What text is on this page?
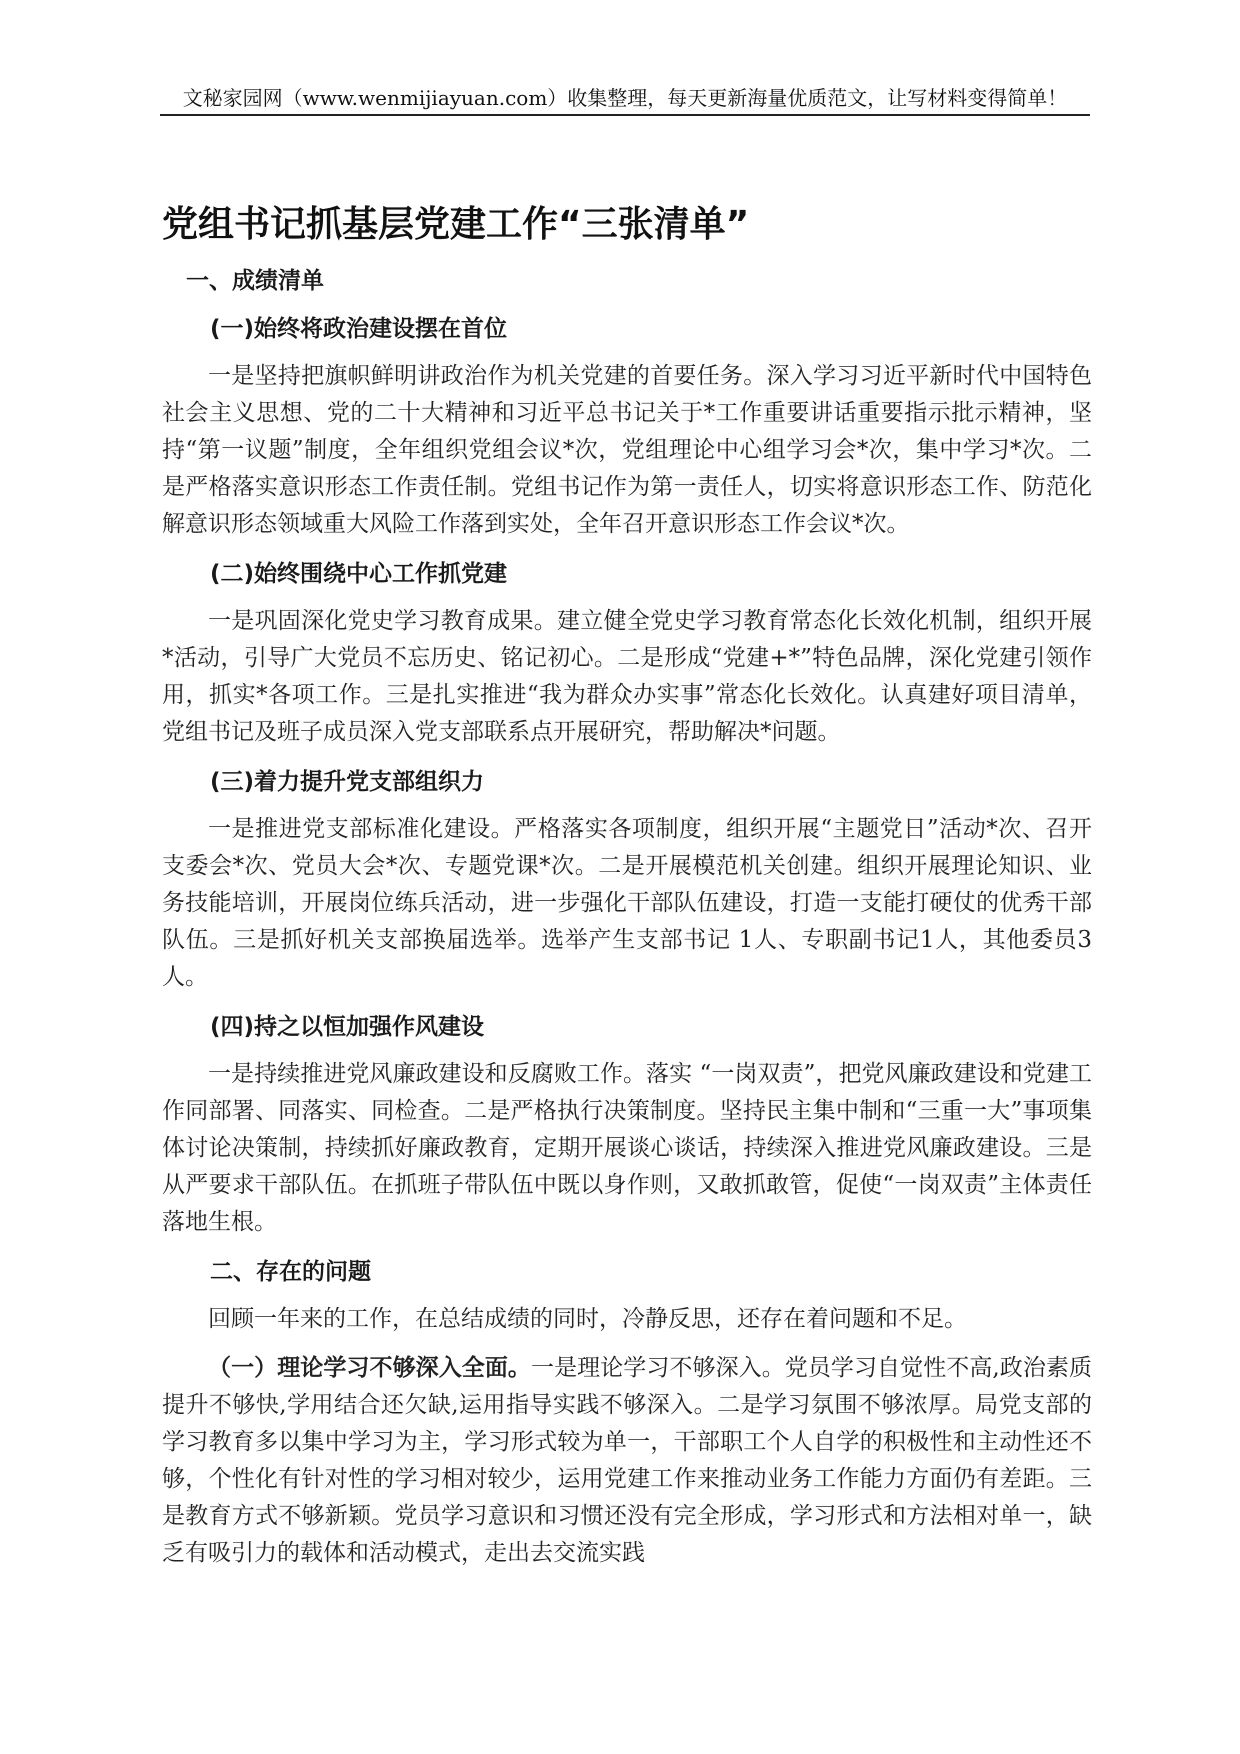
文秘家园网（www.wenmijiayuan.com）收集整理，每天更新海量优质范文，让写材料变得简单！
党组书记抓基层党建工作“三张清单”
一、成绩清单
(一)始终将政治建设摆在首位

一是坚持把旗帜鲜明讲政治作为机关党建的首要任务。深入学习习近平新时代中国特色社会主义思想、党的二十大精神和习近平总书记关于*工作重要讲话重要指示批示精神，坚持“第一议题”制度，全年组织党组会议*次，党组理论中心组学习会*次，集中学习*次。二是严格落实意识形态工作责任制。党组书记作为第一责任人，切实将意识形态工作、防范化解意识形态领域重大风险工作落到实处，全年召开意识形态工作会议*次。

(二)始终围绕中心工作抓党建

一是巩固深化党史学习教育成果。建立健全党史学习教育常态化长效化机制，组织开展*活动，引导广大党员不忘历史、铭记初心。二是形成“党建+*”特色品牌，深化党建引领作用，抓实*各项工作。三是扎实推进“我为群众办实事”常态化长效化。认真建好项目清单，党组书记及班子成员深入党支部联系点开展研究，帮助解决*问题。

(三)着力提升党支部组织力

一是推进党支部标准化建设。严格落实各项制度，组织开展“主题党日”活动*次、召开支委会*次、党员大会*次、专题党课*次。二是开展模范机关创建。组织开展理论知识、业务技能培训，开展岗位练兵活动，进一步强化干部队伍建设，打造一支能打硬仗的优秀干部队伍。三是抓好机关支部换届选举。选举产生支部书记 1人、专职副书记1人，其他委员3人。

(四)持之以恒加强作风建设

一是持续推进党风廉政建设和反腐败工作。落实 “一岗双责”，把党风廉政建设和党建工作同部署、同落实、同检查。二是严格执行决策制度。坚持民主集中制和“三重一大”事项集体讨论决策制，持续抓好廉政教育，定期开展谈心谈话，持续深入推进党风廉政建设。三是从严要求干部队伍。在抓班子带队伍中既以身作则，又敢抓敢管，促使“一岗双责”主体责任落地生根。

二、存在的问题

回顾一年来的工作，在总结成绩的同时，冷静反思，还存在着问题和不足。

（一）理论学习不够深入全面。一是理论学习不够深入。党员学习自觉性不高,政治素质提升不够快,学用结合还欠缺,运用指导实践不够深入。二是学习氛围不够浓厚。局党支部的学习教育多以集中学习为主，学习形式较为单一，干部职工个人自学的积极性和主动性还不够，个性化有针对性的学习相对较少，运用党建工作来推动业务工作能力方面仍有差距。三是教育方式不够新颖。党员学习意识和习惯还没有完全形成，学习形式和方法相对单一，缺乏有吸引力的载体和活动模式，走出去交流实践
